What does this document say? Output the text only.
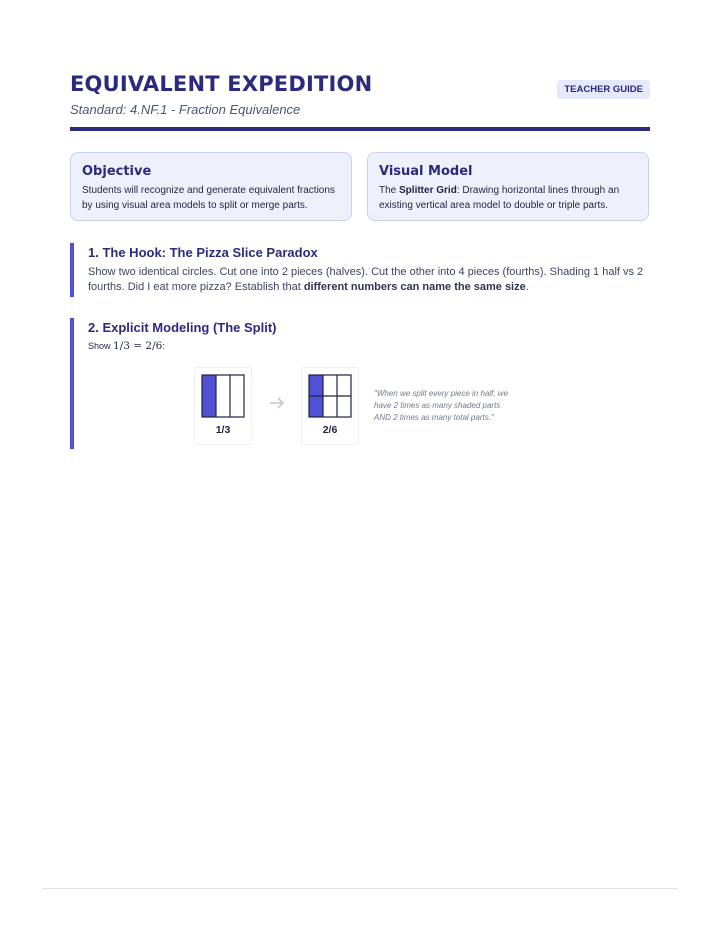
EQUIVALENT EXPEDITION	TEACHER GUIDE
Standard: 4.NF.1 - Fraction Equivalence
Objective
Students will recognize and generate equivalent fractions by using visual area models to split or merge parts.
Visual Model
The Splitter Grid: Drawing horizontal lines through an existing vertical area model to double or triple parts.
1. The Hook: The Pizza Slice Paradox
Show two identical circles. Cut one into 2 pieces (halves). Cut the other into 4 pieces (fourths). Shading 1 half vs 2 fourths. Did I eat more pizza? Establish that different numbers can name the same size.
2. Explicit Modeling (The Split)
Show 1/3 = 2/6:
1/3	2/6
"When we split every piece in half, we have 2 times as many shaded parts AND 2 times as many total parts."
